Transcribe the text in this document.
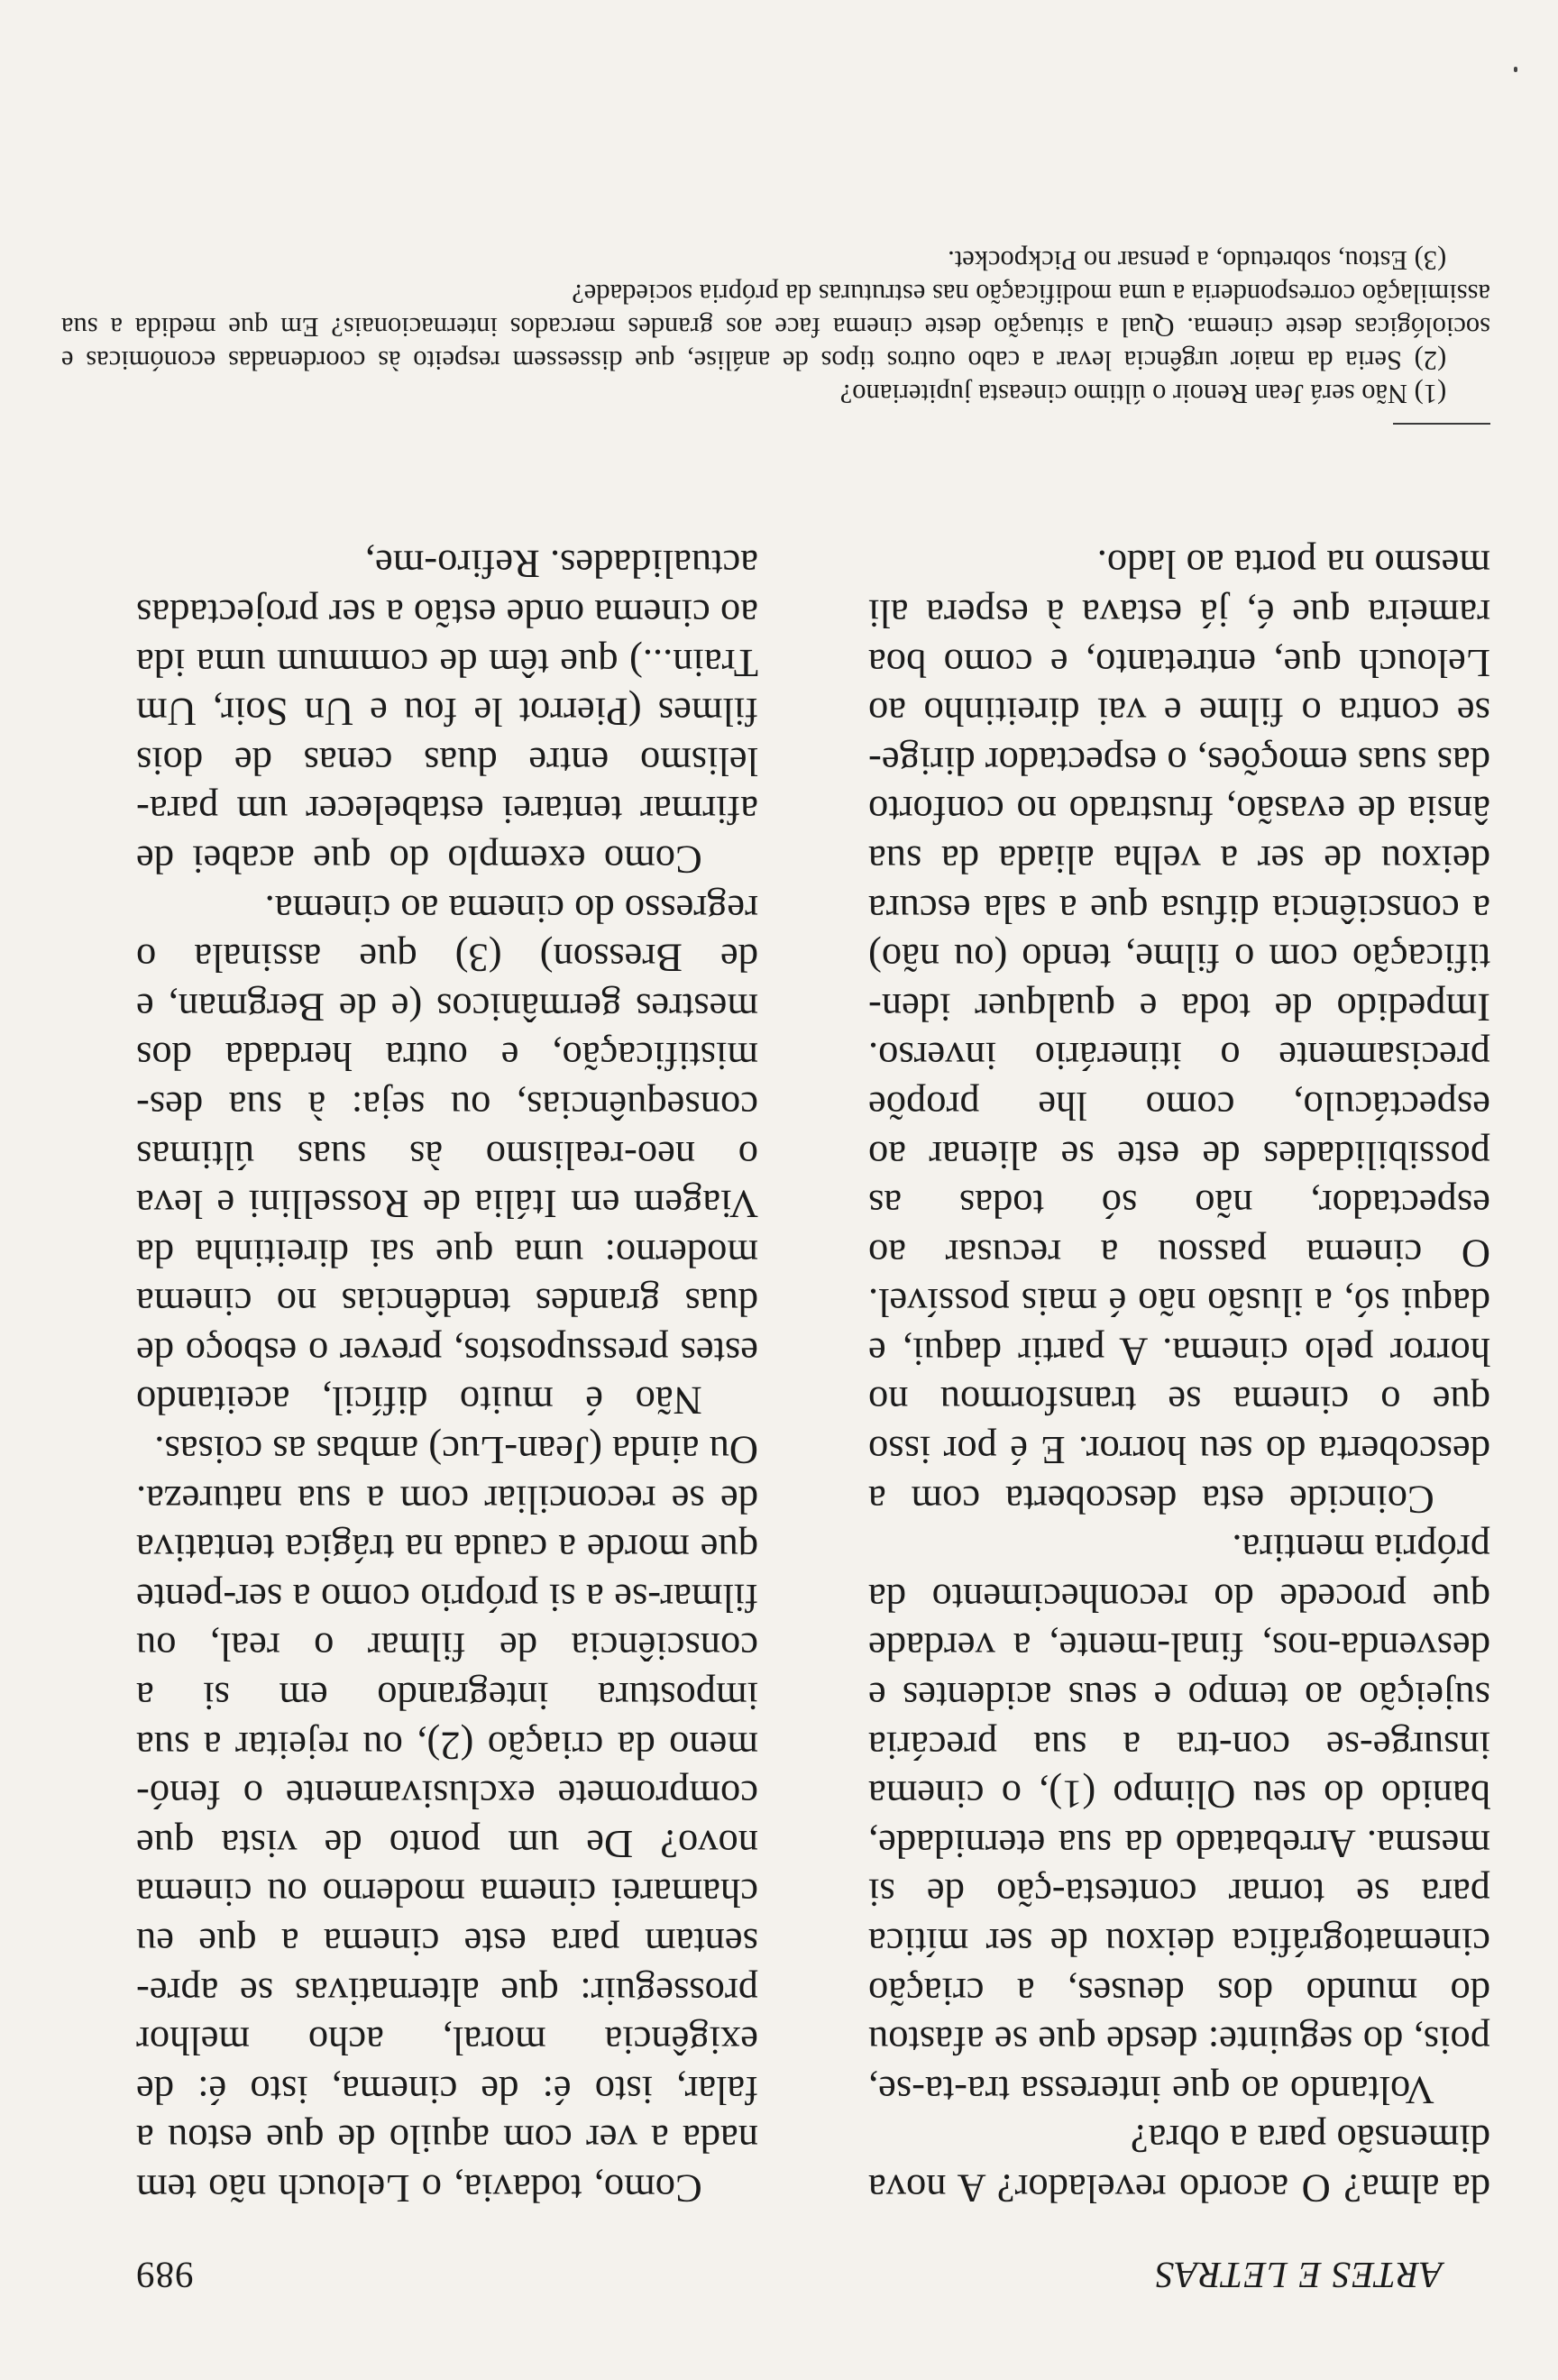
ARTES E LETRAS
989

da alma? O acordo revelador? A nova dimensão para a obra?

Voltando ao que interessa tra-ta-se, pois, do seguinte: desde que se afastou do mundo dos deuses, a criação cinematográfica deixou de ser mítica para se tornar contesta-ção de si mesma. Arrebatado da sua eternidade, banido do seu Olimpo (1), o cinema insurge-se con-tra a sua precária sujeição ao tempo e seus acidentes e desvenda-nos, final-mente, a verdade que procede do reconhecimento da própria mentira.

Coincide esta descoberta com a descoberta do seu horror. E é por isso que o cinema se transformou no horror pelo cinema. A partir daqui, e daqui só, a ilusão não é mais possível. O cinema passou a recusar ao espectador, não só todas as possibilidades de este se alienar ao espectáculo, como lhe propõe precisamente o itinerário inverso. Impedido de toda e qualquer iden-tificação com o filme, tendo (ou não) a consciência difusa que a sala escura deixou de ser a velha aliada da sua ânsia de evasão, frustrado no conforto das suas emoções, o espectador dirige-se contra o filme e vai direitinho ao Lelouch que, entretanto, e como boa rameira que é, já estava à espera ali mesmo na porta ao lado.

Como, todavia, o Lelouch não tem nada a ver com aquilo de que estou a falar, isto é: de cinema, isto é: de exigência moral, acho melhor prosseguir: que alternativas se apre-sentam para este cinema a que eu chamarei cinema moderno ou cinema novo? De um ponto de vista que compromete exclusivamente o fenó-meno da criação (2), ou rejeitar a sua impostura integrando em si a consciência de filmar o real, ou filmar-se a si próprio como a ser-pente que morde a cauda na trágica tentativa de se reconciliar com a sua natureza. Ou ainda (Jean-Luc) ambas as coisas.

Não é muito difícil, aceitando estes pressupostos, prever o esboço de duas grandes tendências no cinema moderno: uma que sai direitinha da Viagem em Itália de Rossellini e leva o neo-realismo às suas últimas consequências, ou seja: à sua des-mistificação, e outra herdada dos mestres germânicos (e de Bergman, e de Bresson) (3) que assinala o regresso do cinema ao cinema.

Como exemplo do que acabei de afirmar tentarei estabelecer um para-lelismo entre duas cenas de dois filmes (Pierrot le fou e Un Soir, Um Train...) que têm de commum uma ida ao cinema onde estão a ser projectadas actualidades. Refiro-me,

(1) Não será Jean Renoir o último cineasta jupiteriano?

(2) Seria da maior urgência levar a cabo outros tipos de análise, que dissessem respeito às coordenadas económicas e sociológicas deste cinema. Qual a situação deste cinema face aos grandes mercados internacionais? Em que medida a sua assimilação corresponderia a uma modificação nas estruturas da própria sociedade?

(3) Estou, sobretudo, a pensar no Pickpocket.
